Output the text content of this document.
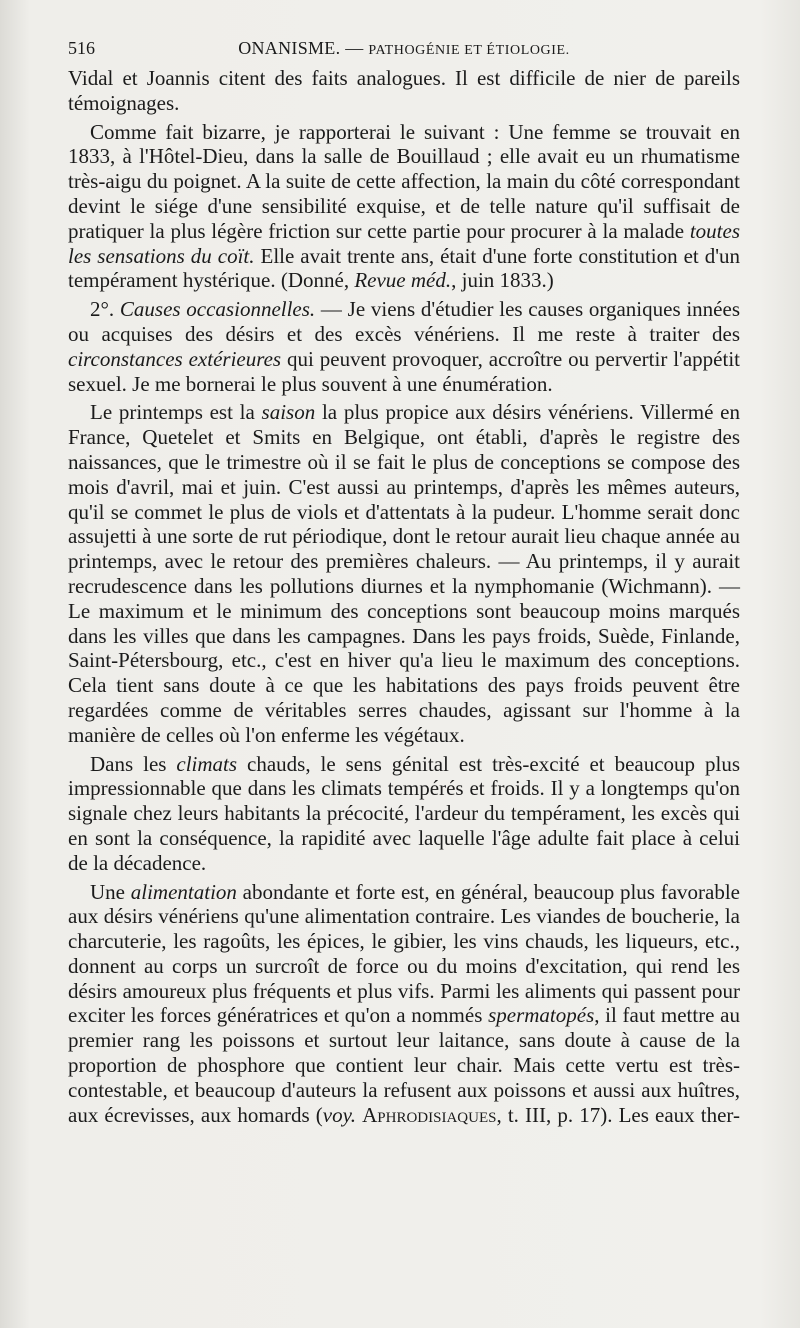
516	ONANISME. — PATHOGÉNIE ET ÉTIOLOGIE.

Vidal et Joannis citent des faits analogues. Il est difficile de nier de pareils témoignages.

Comme fait bizarre, je rapporterai le suivant : Une femme se trouvait en 1833, à l'Hôtel-Dieu, dans la salle de Bouillaud ; elle avait eu un rhumatisme très-aigu du poignet. A la suite de cette affection, la main du côté correspondant devint le siége d'une sensibilité exquise, et de telle nature qu'il suffisait de pratiquer la plus légère friction sur cette partie pour procurer à la malade toutes les sensations du coït. Elle avait trente ans, était d'une forte constitution et d'un tempérament hystérique. (Donné, Revue méd., juin 1833.)

2°. Causes occasionnelles. — Je viens d'étudier les causes organiques innées ou acquises des désirs et des excès vénériens. Il me reste à traiter des circonstances extérieures qui peuvent provoquer, accroître ou pervertir l'appétit sexuel. Je me bornerai le plus souvent à une énumération.

Le printemps est la saison la plus propice aux désirs vénériens. Villermé en France, Quetelet et Smits en Belgique, ont établi, d'après le registre des naissances, que le trimestre où il se fait le plus de conceptions se compose des mois d'avril, mai et juin. C'est aussi au printemps, d'après les mêmes auteurs, qu'il se commet le plus de viols et d'attentats à la pudeur. L'homme serait donc assujetti à une sorte de rut périodique, dont le retour aurait lieu chaque année au printemps, avec le retour des premières chaleurs. — Au printemps, il y aurait recrudescence dans les pollutions diurnes et la nymphomanie (Wichmann). — Le maximum et le minimum des conceptions sont beaucoup moins marqués dans les villes que dans les campagnes. Dans les pays froids, Suède, Finlande, Saint-Pétersbourg, etc., c'est en hiver qu'a lieu le maximum des conceptions. Cela tient sans doute à ce que les habitations des pays froids peuvent être regardées comme de véritables serres chaudes, agissant sur l'homme à la manière de celles où l'on enferme les végétaux.

Dans les climats chauds, le sens génital est très-excité et beaucoup plus impressionnable que dans les climats tempérés et froids. Il y a longtemps qu'on signale chez leurs habitants la précocité, l'ardeur du tempérament, les excès qui en sont la conséquence, la rapidité avec laquelle l'âge adulte fait place à celui de la décadence.

Une alimentation abondante et forte est, en général, beaucoup plus favorable aux désirs vénériens qu'une alimentation contraire. Les viandes de boucherie, la charcuterie, les ragoûts, les épices, le gibier, les vins chauds, les liqueurs, etc., donnent au corps un surcroît de force ou du moins d'excitation, qui rend les désirs amoureux plus fréquents et plus vifs. Parmi les aliments qui passent pour exciter les forces génératrices et qu'on a nommés spermatopés, il faut mettre au premier rang les poissons et surtout leur laitance, sans doute à cause de la proportion de phosphore que contient leur chair. Mais cette vertu est très-contestable, et beaucoup d'auteurs la refusent aux poissons et aussi aux huîtres, aux écrevisses, aux homards (voy. Aphrodisiaques, t. III, p. 17). Les eaux ther-
